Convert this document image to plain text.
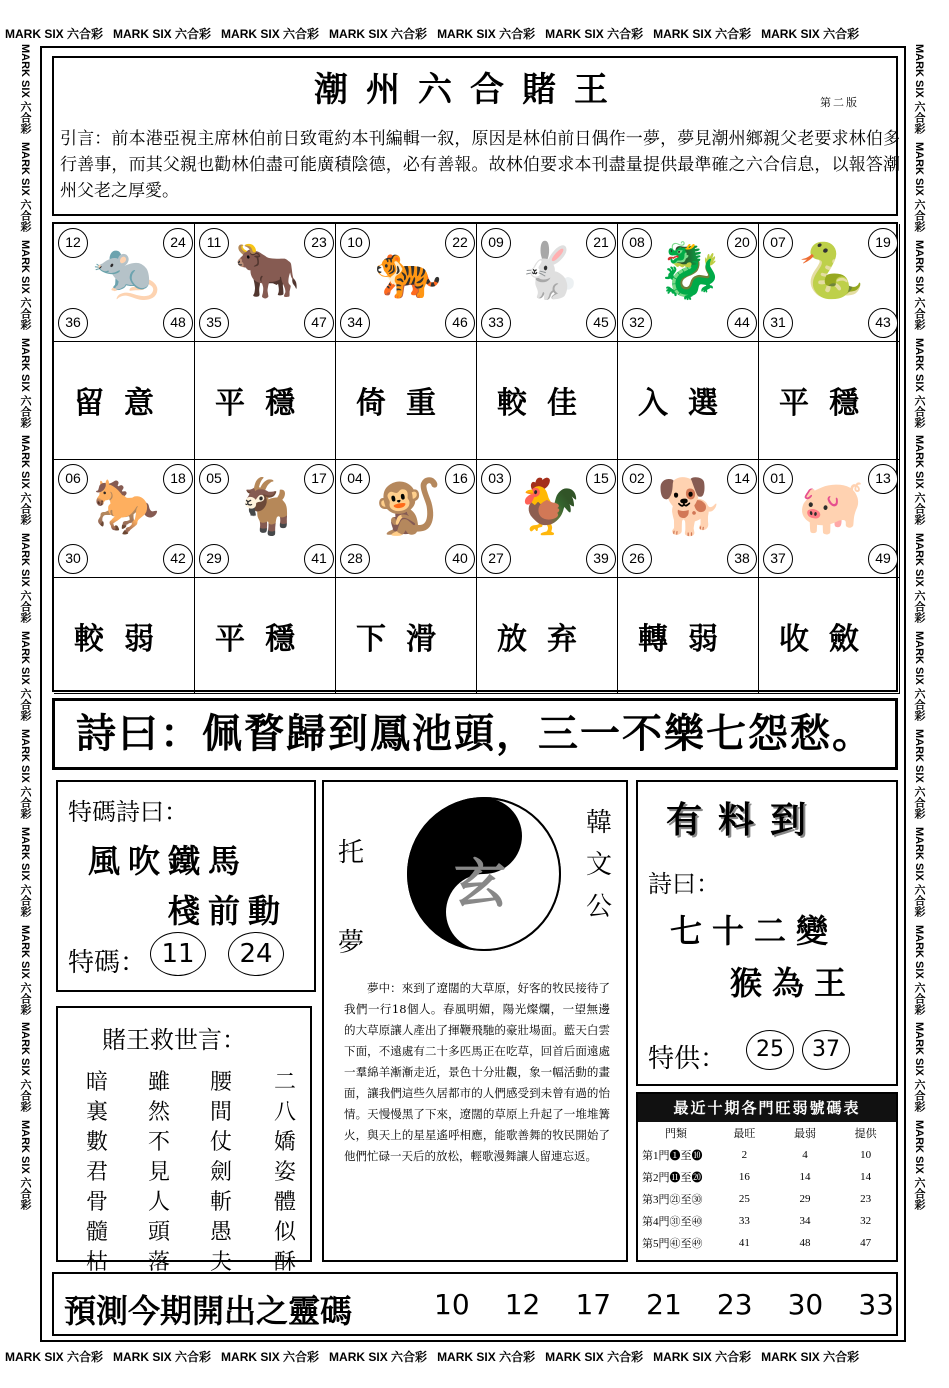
MARK SIX 六合彩 MARK SIX 六合彩 MARK SIX 六合彩 MARK SIX 六合彩 MARK SIX 六合彩 MARK SIX 六合彩 MARK SIX 六合彩 MARK SIX 六合彩
MARK SIX 六合彩 MARK SIX 六合彩 MARK SIX 六合彩 MARK SIX 六合彩 MARK SIX 六合彩 MARK SIX 六合彩 MARK SIX 六合彩 MARK SIX 六合彩
MARK SIX 六合彩
MARK SIX 六合彩
MARK SIX 六合彩
MARK SIX 六合彩
MARK SIX 六合彩
MARK SIX 六合彩
MARK SIX 六合彩
MARK SIX 六合彩
MARK SIX 六合彩
MARK SIX 六合彩
MARK SIX 六合彩
MARK SIX 六合彩
MARK SIX 六合彩
MARK SIX 六合彩
MARK SIX 六合彩
MARK SIX 六合彩
MARK SIX 六合彩
MARK SIX 六合彩
MARK SIX 六合彩
MARK SIX 六合彩
MARK SIX 六合彩
MARK SIX 六合彩
MARK SIX 六合彩
MARK SIX 六合彩
潮州六合賭王	第二版
引言：前本港亞視主席林伯前日致電約本刊編輯一叙，原因是林伯前日偶作一夢，夢見潮州鄉親父老要求林伯多行善事，而其父親也勸林伯盡可能廣積陰德，必有善報。故林伯要求本刊盡量提供最準確之六合信息，以報答潮州父老之厚愛。
🐀
12	24
36	48
留意
🐂
11	23
35	47
平穩
🐅
10	22
34	46
倚重
🐇
09	21
33	45
較佳
🐉
08	20
32	44
入選
🐍
07	19
31	43
平穩
🐎
06	18
30	42
較弱
🐐
05	17
29	41
平穩
🐒
04	16
28	40
下滑
🐓
03	15
27	39
放弃
🐕
02	14
26	38
轉弱
🐖
01	13
37	49
收斂
詩曰：佩瞀歸到鳳池頭，三一不樂七怨愁。
特碼詩曰：
風吹鐵馬
棧前動
特碼： 11	24
賭王救世言：
二八嬌姿體似酥
腰間仗劍斬愚夫
雖然不見人頭落
暗裏數君骨髓枯
托夢
韓文公
玄
夢中：來到了遼闊的大草原，好客的牧民接待了我們一行18個人。春風明媚，陽光燦爛，一望無邊的大草原讓人產出了揮鞭飛馳的豪壯場面。藍天白雲下面，不遠處有二十多匹馬正在吃草，回首后面遠處一羣綿羊漸漸走近，景色十分壯觀，象一幅活動的畫面，讓我們這些久居都市的人們感受到未曾有過的怡情。天慢慢黑了下來，遼闊的草原上升起了一堆堆篝火，與天上的星星遙呼相應，能歌善舞的牧民開始了他們忙碌一天后的放松，輕歌漫舞讓人留連忘返。
有料到
詩曰：
七十二變
猴為王
特供：	25	37
最近十期各門旺弱號碼表
門類	最旺	最弱	提供
第1門❶至❿	2	4	10
第2門⓫至⓴	16	14	14
第3門㉑至㉚	25	29	23
第4門㉛至㊵	33	34	32
第5門㊶至㊾	41	48	47
預測今期開出之靈碼	10 12 17 21 23 30 33
